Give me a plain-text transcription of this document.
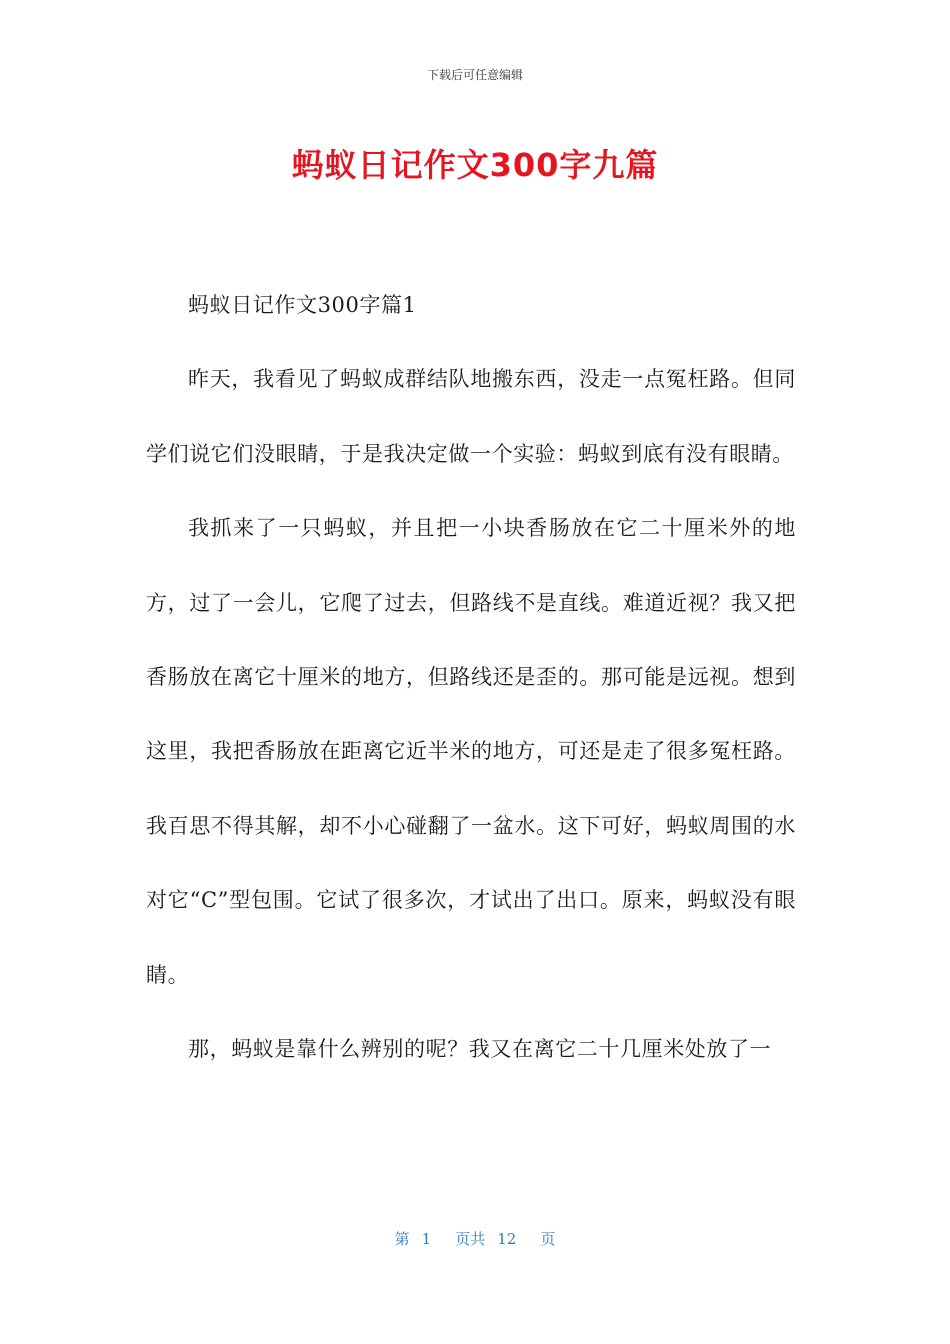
下载后可任意编辑
蚂蚁日记作文300字九篇

蚂蚁日记作文300字篇1

昨天，我看见了蚂蚁成群结队地搬东西，没走一点冤枉路。但同学们说它们没眼睛，于是我决定做一个实验：蚂蚁到底有没有眼睛。

我抓来了一只蚂蚁，并且把一小块香肠放在它二十厘米外的地方，过了一会儿，它爬了过去，但路线不是直线。难道近视？我又把香肠放在离它十厘米的地方，但路线还是歪的。那可能是远视。想到这里，我把香肠放在距离它近半米的地方，可还是走了很多冤枉路。我百思不得其解，却不小心碰翻了一盆水。这下可好，蚂蚁周围的水对它“C”型包围。它试了很多次，才试出了出口。原来，蚂蚁没有眼睛。

那，蚂蚁是靠什么辨别的呢？我又在离它二十几厘米处放了一

第 1 页共 12 页
